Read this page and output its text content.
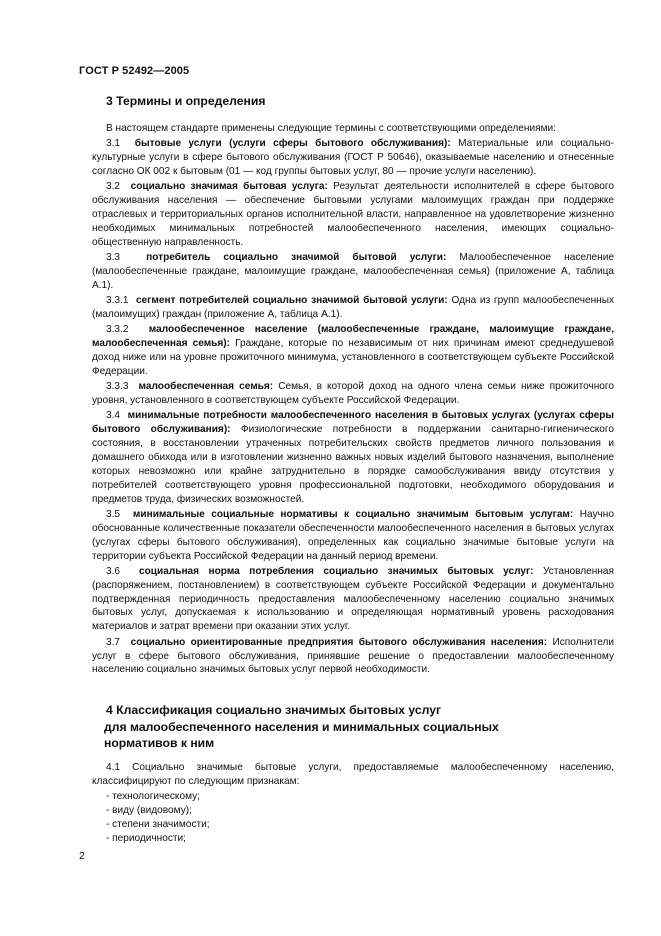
ГОСТ Р 52492—2005
3 Термины и определения

В настоящем стандарте применены следующие термины с соответствующими определениями:

3.1 бытовые услуги (услуги сферы бытового обслуживания): Материальные или социально-культурные услуги в сфере бытового обслуживания (ГОСТ Р 50646), оказываемые населению и отнесенные согласно ОК 002 к бытовым (01 — код группы бытовых услуг, 80 — прочие услуги населению).

3.2 социально значимая бытовая услуга: Результат деятельности исполнителей в сфере бытового обслуживания населения — обеспечение бытовыми услугами малоимущих граждан при поддержке отраслевых и территориальных органов исполнительной власти, направленное на удовлетворение жизненно необходимых минимальных потребностей малообеспеченного населения, имеющих социально-общественную направленность.

3.3	потребитель социально значимой бытовой услуги: Малообеспеченное население (малообеспеченные граждане, малоимущие граждане, малообеспеченная семья) (приложение А, таблица А.1).

3.3.1 сегмент потребителей социально значимой бытовой услуги: Одна из групп малообеспеченных (малоимущих) граждан (приложение А, таблица А.1).

3.3.2 малообеспеченное население (малообеспеченные граждане, малоимущие граждане, малообеспеченная семья): Граждане, которые по независимым от них причинам имеют среднедушевой доход ниже или на уровне прожиточного минимума, установленного в соответствующем субъекте Российской Федерации.

3.3.3 малообеспеченная семья: Семья, в которой доход на одного члена семьи ниже прожиточного уровня, установленного в соответствующем субъекте Российской Федерации.

3.4 минимальные потребности малообеспеченного населения в бытовых услугах (услугах сферы бытового обслуживания): Физиологические потребности в поддержании санитарно-гигиенического состояния, в восстановлении утраченных потребительских свойств предметов личного пользования и домашнего обихода или в изготовлении жизненно важных новых изделий бытового назначения, выполнение которых невозможно или крайне затруднительно в порядке самообслуживания ввиду отсутствия у потребителей соответствующего уровня профессиональной подготовки, необходимого оборудования и предметов труда, физических возможностей.

3.5 минимальные социальные нормативы к социально значимым бытовым услугам: Научно обоснованные количественные показатели обеспеченности малообеспеченного населения в бытовых услугах (услугах сферы бытового обслуживания), определенных как социально значимые бытовые услуги на территории субъекта Российской Федерации на данный период времени.

3.6 социальная норма потребления социально значимых бытовых услуг: Установленная (распоряжением, постановлением) в соответствующем субъекте Российской Федерации и документально подтвержденная периодичность предоставления малообеспеченному населению социально значимых бытовых услуг, допускаемая к использованию и определяющая нормативный уровень расходования материалов и затрат времени при оказании этих услуг.

3.7 социально ориентированные предприятия бытового обслуживания населения: Исполнители услуг в сфере бытового обслуживания, принявшие решение о предоставлении малообеспеченному населению социально значимых бытовых услуг первой необходимости.

4 Классификация социально значимых бытовых услуг
для малообеспеченного населения и минимальных социальных
нормативов к ним

4.1 Социально значимые бытовые услуги, предоставляемые малообеспеченному населению, классифицируют по следующим признакам:

- технологическому;
- виду (видовому);
- степени значимости;
- периодичности;
2
